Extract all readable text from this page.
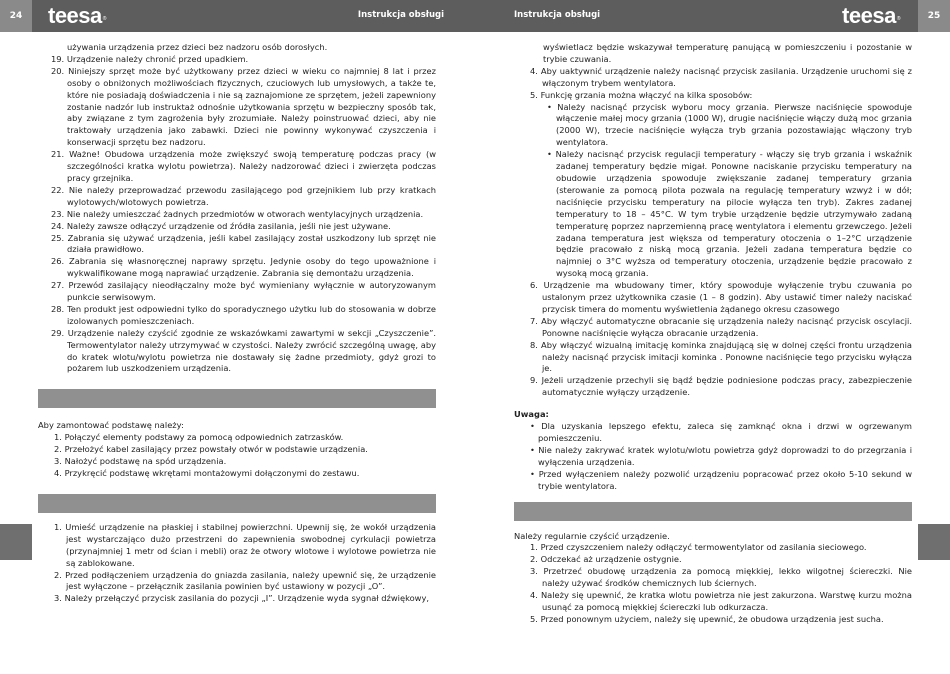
24	teesa®	Instrukcja obsługi	Instrukcja obsługi	teesa®	25
używania urządzenia przez dzieci bez nadzoru osób dorosłych.
19. Urządzenie należy chronić przed upadkiem.
20. Niniejszy sprzęt może być użytkowany przez dzieci w wieku co najmniej 8 lat i przez osoby o obniżonych możliwościach fizycznych, czuciowych lub umysłowych, a także te, które nie posiadają doświadczenia i nie są zaznajomione ze sprzętem, jeżeli zapewniony zostanie nadzór lub instruktaż odnośnie użytkowania sprzętu w bezpieczny sposób tak, aby związane z tym zagrożenia były zrozumiałe. Należy poinstruować dzieci, aby nie traktowały urządzenia jako zabawki. Dzieci nie powinny wykonywać czyszczenia i konserwacji sprzętu bez nadzoru.
21. Ważne! Obudowa urządzenia może zwiększyć swoją temperaturę podczas pracy (w szczególności kratka wylotu powietrza). Należy nadzorować dzieci i zwierzęta podczas pracy grzejnika.
22. Nie należy przeprowadzać przewodu zasilającego pod grzejnikiem lub przy kratkach wylotowych/wlotowych powietrza.
23. Nie należy umieszczać żadnych przedmiotów w otworach wentylacyjnych urządzenia.
24. Należy zawsze odłączyć urządzenie od źródła zasilania, jeśli nie jest używane.
25. Zabrania się używać urządzenia, jeśli kabel zasilający został uszkodzony lub sprzęt nie działa prawidłowo.
26. Zabrania się własnoręcznej naprawy sprzętu. Jedynie osoby do tego upoważnione i wykwalifikowane mogą naprawiać urządzenie. Zabrania się demontażu urządzenia.
27. Przewód zasilający nieodłączalny może być wymieniany wyłącznie w autoryzowanym punkcie serwisowym.
28. Ten produkt jest odpowiedni tylko do sporadycznego użytku lub do stosowania w dobrze izolowanych pomieszczeniach.
29. Urządzenie należy czyścić zgodnie ze wskazówkami zawartymi w sekcji „Czyszczenie”. Termowentylator należy utrzymywać w czystości. Należy zwrócić szczególną uwagę, aby do kratek wlotu/wylotu powietrza nie dostawały się żadne przedmioty, gdyż grozi to pożarem lub uszkodzeniem urządzenia.
Aby zamontować podstawę należy:
1. Połączyć elementy podstawy za pomocą odpowiednich zatrzasków.
2. Przełożyć kabel zasilający przez powstały otwór w podstawie urządzenia.
3. Nałożyć podstawę na spód urządzenia.
4. Przykręcić podstawę wkrętami montażowymi dołączonymi do zestawu.
1. Umieść urządzenie na płaskiej i stabilnej powierzchni. Upewnij się, że wokół urządzenia jest wystarczająco dużo przestrzeni do zapewnienia swobodnej cyrkulacji powietrza (przynajmniej 1 metr od ścian i mebli) oraz że otwory wlotowe i wylotowe powietrza nie są zablokowane.
2. Przed podłączeniem urządzenia do gniazda zasilania, należy upewnić się, że urządzenie jest wyłączone – przełącznik zasilania powinien być ustawiony w pozycji „O”.
3. Należy przełączyć przycisk zasilania do pozycji „I”. Urządzenie wyda sygnał dźwiękowy,
wyświetlacz będzie wskazywał temperaturę panującą w pomieszczeniu i pozostanie w trybie czuwania.
4. Aby uaktywnić urządzenie należy nacisnąć przycisk zasilania. Urządzenie uruchomi się z włączonym trybem wentylatora.
5. Funkcję grzania można włączyć na kilka sposobów:
• Należy nacisnąć przycisk wyboru mocy grzania. Pierwsze naciśnięcie spowoduje włączenie małej mocy grzania (1000 W), drugie naciśnięcie włączy dużą moc grzania (2000 W), trzecie naciśnięcie wyłącza tryb grzania pozostawiając włączony tryb wentylatora.
• Należy nacisnąć przycisk regulacji temperatury - włączy się tryb grzania i wskaźnik zadanej temperatury będzie migał. Ponowne naciskanie przycisku temperatury na obudowie urządzenia spowoduje zwiększanie zadanej temperatury grzania (sterowanie za pomocą pilota pozwala na regulację temperatury wzwyż i w dół; naciśnięcie przycisku temperatury na pilocie wyłącza ten tryb). Zakres zadanej temperatury to 18 – 45°C. W tym trybie urządzenie będzie utrzymywało zadaną temperaturę poprzez naprzemienną pracę wentylatora i elementu grzewczego. Jeżeli zadana temperatura jest większa od temperatury otoczenia o 1–2°C urządzenie będzie pracowało z niską mocą grzania. Jeżeli zadana temperatura będzie co najmniej o 3°C wyższa od temperatury otoczenia, urządzenie będzie pracowało z wysoką mocą grzania.
6. Urządzenie ma wbudowany timer, który spowoduje wyłączenie trybu czuwania po ustalonym przez użytkownika czasie (1 – 8 godzin). Aby ustawić timer należy naciskać przycisk timera do momentu wyświetlenia żądanego okresu czasowego
7. Aby włączyć automatyczne obracanie się urządzenia należy nacisnąć przycisk oscylacji. Ponowne naciśnięcie wyłącza obracanie urządzenia.
8. Aby włączyć wizualną imitację kominka znajdującą się w dolnej części frontu urządzenia należy nacisnąć przycisk imitacji kominka . Ponowne naciśnięcie tego przycisku wyłącza je.
9. Jeżeli urządzenie przechyli się bądź będzie podniesione podczas pracy, zabezpieczenie automatycznie wyłączy urządzenie.
Uwaga:
• Dla uzyskania lepszego efektu, zaleca się zamknąć okna i drzwi w ogrzewanym pomieszczeniu.
• Nie należy zakrywać kratek wylotu/wlotu powietrza gdyż doprowadzi to do przegrzania i wyłączenia urządzenia.
• Przed wyłączeniem należy pozwolić urządzeniu popracować przez około 5-10 sekund w trybie wentylatora.
Należy regularnie czyścić urządzenie.
1. Przed czyszczeniem należy odłączyć termowentylator od zasilania sieciowego.
2. Odczekać aż urządzenie ostygnie.
3. Przetrzeć obudowę urządzenia za pomocą miękkiej, lekko wilgotnej ściereczki. Nie należy używać środków chemicznych lub ściernych.
4. Należy się upewnić, że kratka wlotu powietrza nie jest zakurzona. Warstwę kurzu można usunąć za pomocą miękkiej ściereczki lub odkurzacza.
5. Przed ponownym użyciem, należy się upewnić, że obudowa urządzenia jest sucha.
